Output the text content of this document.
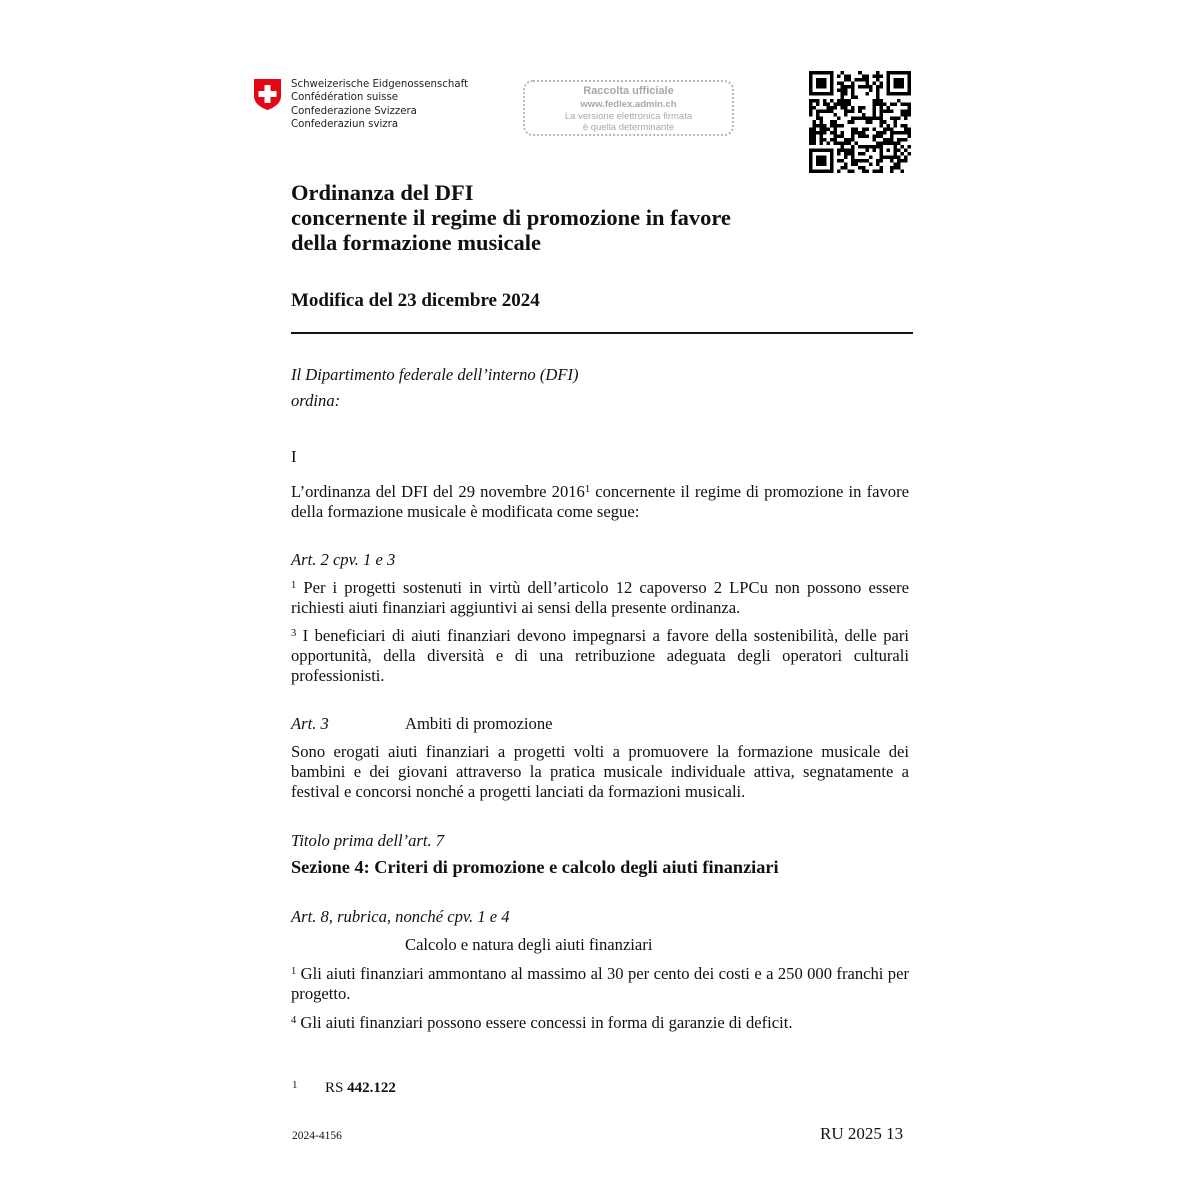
Schweizerische Eidgenossenschaft
Confédération suisse
Confederazione Svizzera
Confederaziun svizra
Raccolta ufficiale
www.fedlex.admin.ch
La versione elettronica firmata
è quella determinante
Ordinanza del DFI
concernente il regime di promozione in favore
della formazione musicale
Modifica del 23 dicembre 2024
Il Dipartimento federale dell’interno (DFI)
ordina:
I
L’ordinanza del DFI del 29 novembre 2016$^1$ concernente il regime di promozione in favore della formazione musicale è modificata come segue:
Art. 2 cpv. 1 e 3
$^1$ Per i progetti sostenuti in virtù dell’articolo 12 capoverso 2 LPCu non possono essere richiesti aiuti finanziari aggiuntivi ai sensi della presente ordinanza.
$^3$ I beneficiari di aiuti finanziari devono impegnarsi a favore della sostenibilità, delle pari opportunità, della diversità e di una retribuzione adeguata degli operatori culturali professionisti.
Art. 3	Ambiti di promozione
Sono erogati aiuti finanziari a progetti volti a promuovere la formazione musicale dei bambini e dei giovani attraverso la pratica musicale individuale attiva, segnatamente a festival e concorsi nonché a progetti lanciati da formazioni musicali.
Titolo prima dell’art. 7
Sezione 4: Criteri di promozione e calcolo degli aiuti finanziari
Art. 8, rubrica, nonché cpv. 1 e 4
Calcolo e natura degli aiuti finanziari
$^1$ Gli aiuti finanziari ammontano al massimo al 30 per cento dei costi e a 250 000 franchi per progetto.
$^4$ Gli aiuti finanziari possono essere concessi in forma di garanzie di deficit.
1 RS 442.122
2024-4156	RU 2025 13
